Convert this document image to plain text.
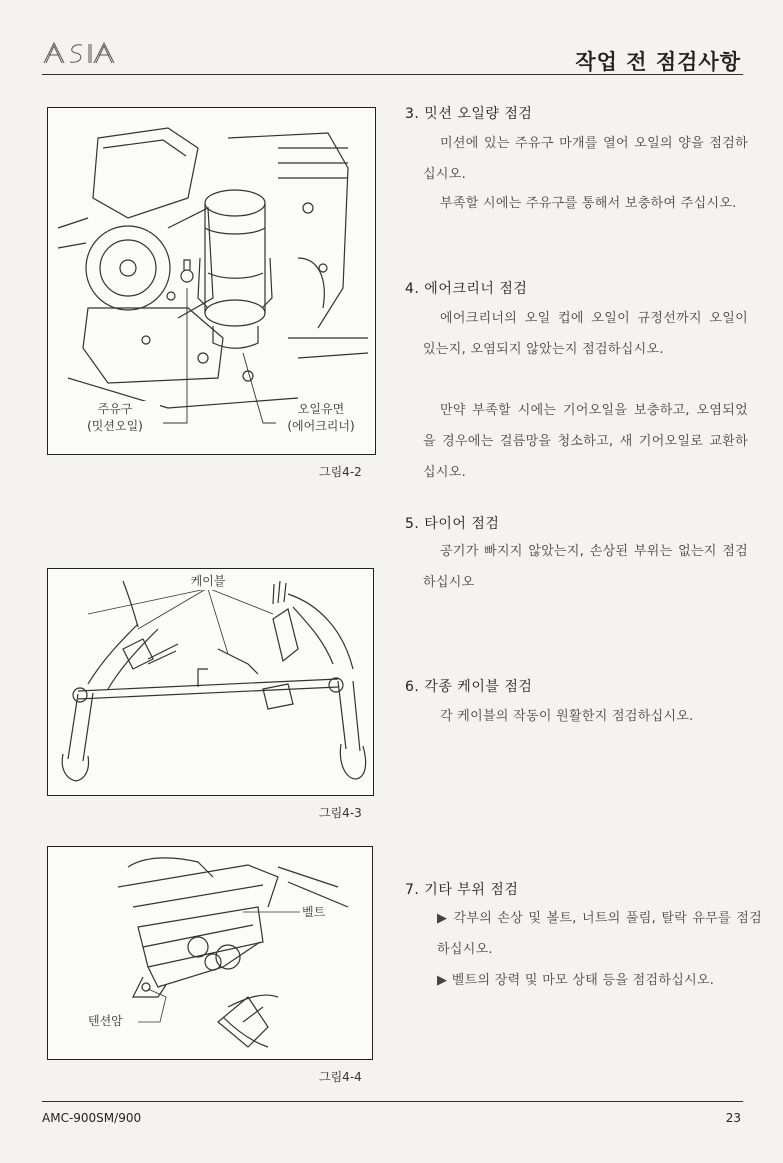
작업 전 점검사항
주유구
(밋션오일)
오일유면
(에어크리너)
그림4-2
케이블
그림4-3
벨트
텐션암
그림4-4
3. 밋션 오일량 점검

미션에 있는 주유구 마개를 열어 오일의 양을 점검하십시오.

부족할 시에는 주유구를 통해서 보충하여 주십시오.

4. 에어크리너 점검

에어크리너의 오일 컵에 오일이 규정선까지 오일이 있는지, 오염되지 않았는지 점검하십시오.

만약 부족할 시에는 기어오일을 보충하고, 오염되었을 경우에는 걸름망을 청소하고, 새 기어오일로 교환하십시오.

5. 타이어 점검

공기가 빠지지 않았는지, 손상된 부위는 없는지 점검 하십시오

6. 각종 케이블 점검

각 케이블의 작동이 원활한지 점검하십시오.

7. 기타 부위 점검

▶ 각부의 손상 및 볼트, 너트의 풀림, 탈락 유무를 점검하십시오.

▶ 벨트의 장력 및 마모 상태 등을 점검하십시오.

AMC-900SM/900	23
